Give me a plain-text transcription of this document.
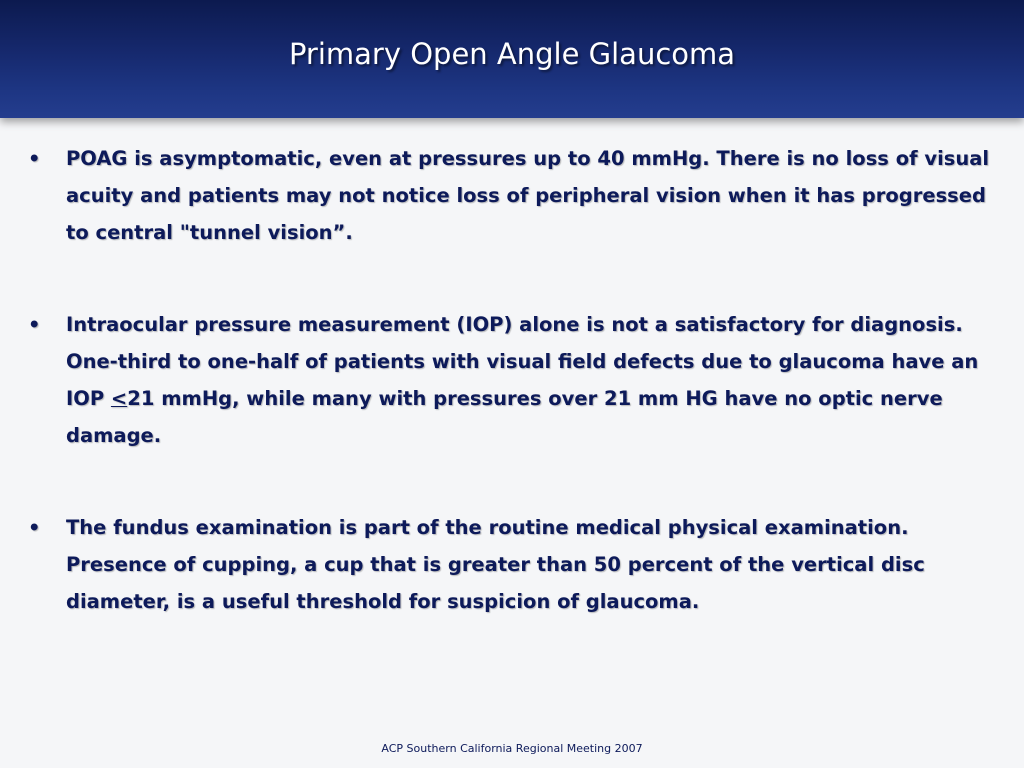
Primary Open Angle Glaucoma

• POAG is asymptomatic, even at pressures up to 40 mmHg. There is no loss of visual acuity and patients may not notice loss of peripheral vision when it has progressed to central "tunnel vision”.

• Intraocular pressure measurement (IOP) alone is not a satisfactory for diagnosis. One-third to one-half of patients with visual field defects due to glaucoma have an IOP ≤21 mmHg, while many with pressures over 21 mm HG have no optic nerve damage.

• The fundus examination is part of the routine medical physical examination. Presence of cupping, a cup that is greater than 50 percent of the vertical disc diameter, is a useful threshold for suspicion of glaucoma.

ACP Southern California Regional Meeting 2007
